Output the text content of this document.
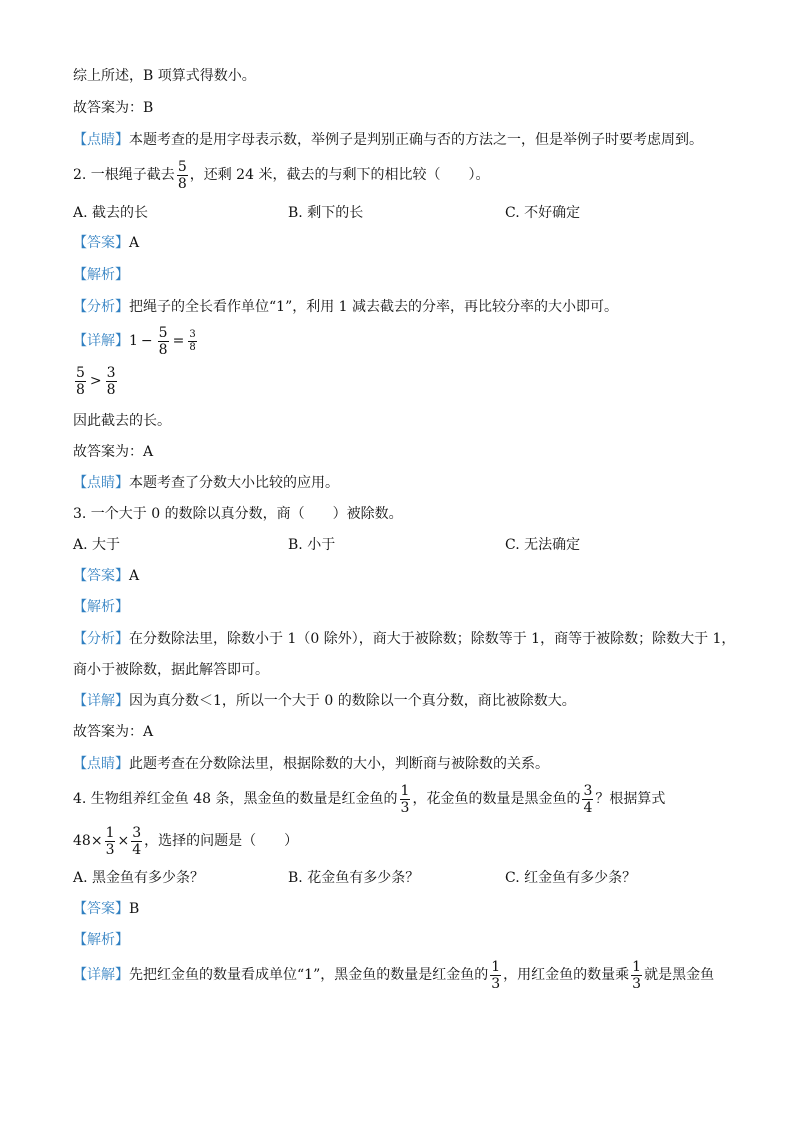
综上所述，B 项算式得数小。
故答案为：B
【点睛】本题考查的是用字母表示数，举例子是判别正确与否的方法之一，但是举例子时要考虑周到。
2. 一根绳子截去 $\frac{5}{8}$ ，还剩 24 米，截去的与剩下的相比较（　　）。
A. 截去的长	B. 剩下的长	C. 不好确定
【答案】A
【解析】
【分析】把绳子的全长看作单位“1”，利用 1 减去截去的分率，再比较分率的大小即可。
【详解】$1 - \frac{5}{8} = \frac{3}{8}$
$\frac{5}{8} > \frac{3}{8}$
因此截去的长。
故答案为：A
【点睛】本题考查了分数大小比较的应用。
3. 一个大于 0 的数除以真分数，商（　　）被除数。
A. 大于	B. 小于	C. 无法确定
【答案】A
【解析】
【分析】在分数除法里，除数小于 1（0 除外），商大于被除数；除数等于 1，商等于被除数；除数大于 1，
商小于被除数，据此解答即可。
【详解】因为真分数＜1，所以一个大于 0 的数除以一个真分数，商比被除数大。
故答案为：A
【点睛】此题考查在分数除法里，根据除数的大小，判断商与被除数的关系。
4. 生物组养红金鱼 48 条，黑金鱼的数量是红金鱼的 $\frac{1}{3}$ ，花金鱼的数量是黑金鱼的 $\frac{3}{4}$ ？根据算式
$48\times \frac{1}{3} \times \frac{3}{4}$ ，选择的问题是（　　）
A. 黑金鱼有多少条？	B. 花金鱼有多少条？	C. 红金鱼有多少条？
【答案】B
【解析】
【详解】先把红金鱼的数量看成单位“1”，黑金鱼的数量是红金鱼的 $\frac{1}{3}$ ，用红金鱼的数量乘 $\frac{1}{3}$ 就是黑金鱼
